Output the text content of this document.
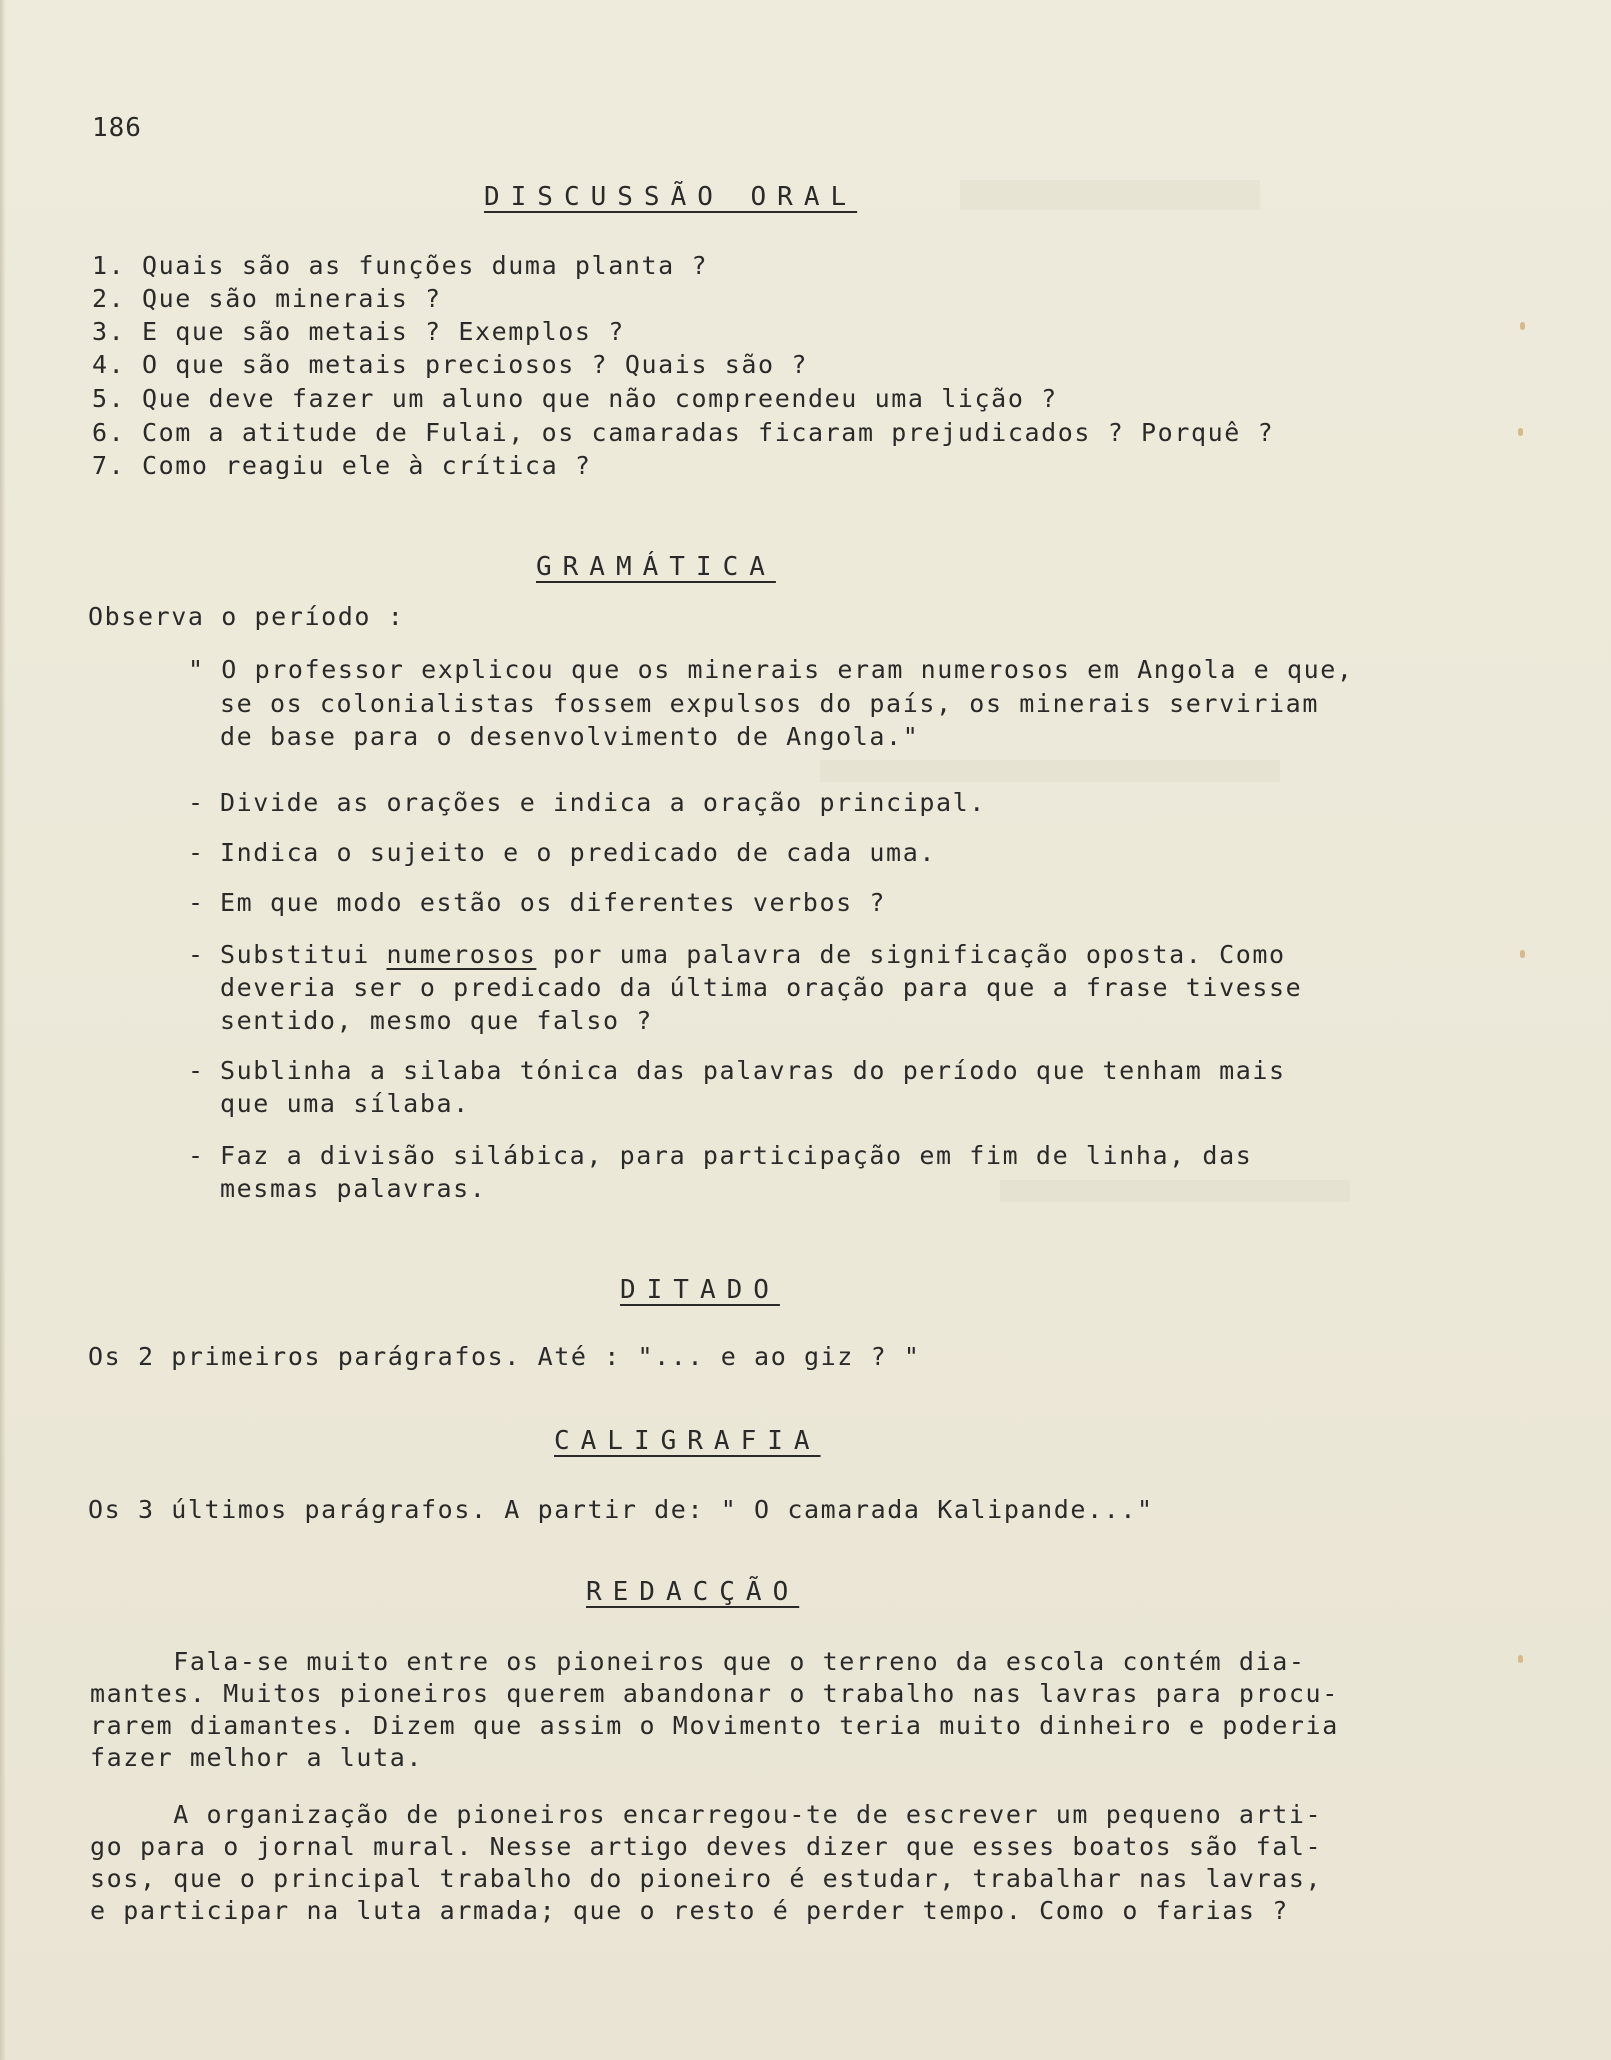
186
DISCUSSÃO ORAL
1. Quais são as funções duma planta ?
2. Que são minerais ?
3. E que são metais ? Exemplos ?
4. O que são metais preciosos ? Quais são ?
5. Que deve fazer um aluno que não compreendeu uma lição ?
6. Com a atitude de Fulai, os camaradas ficaram prejudicados ? Porquê ?
7. Como reagiu ele à crítica ?
GRAMÁTICA
Observa o período :
" O professor explicou que os minerais eram numerosos em Angola e que,
se os colonialistas fossem expulsos do país, os minerais serviriam
de base para o desenvolvimento de Angola."
- Divide as orações e indica a oração principal.
- Indica o sujeito e o predicado de cada uma.
- Em que modo estão os diferentes verbos ?
- Substitui numerosos por uma palavra de significação oposta. Como
deveria ser o predicado da última oração para que a frase tivesse
sentido, mesmo que falso ?
- Sublinha a silaba tónica das palavras do período que tenham mais
que uma sílaba.
- Faz a divisão silábica, para participação em fim de linha, das
mesmas palavras.
DITADO
Os 2 primeiros parágrafos. Até : "... e ao giz ? "
CALIGRAFIA
Os 3 últimos parágrafos. A partir de: " O camarada Kalipande..."
REDACÇÃO
Fala-se muito entre os pioneiros que o terreno da escola contém dia-
mantes. Muitos pioneiros querem abandonar o trabalho nas lavras para procu-
rarem diamantes. Dizem que assim o Movimento teria muito dinheiro e poderia
fazer melhor a luta.
A organização de pioneiros encarregou-te de escrever um pequeno arti-
go para o jornal mural. Nesse artigo deves dizer que esses boatos são fal-
sos, que o principal trabalho do pioneiro é estudar, trabalhar nas lavras,
e participar na luta armada; que o resto é perder tempo. Como o farias ?
